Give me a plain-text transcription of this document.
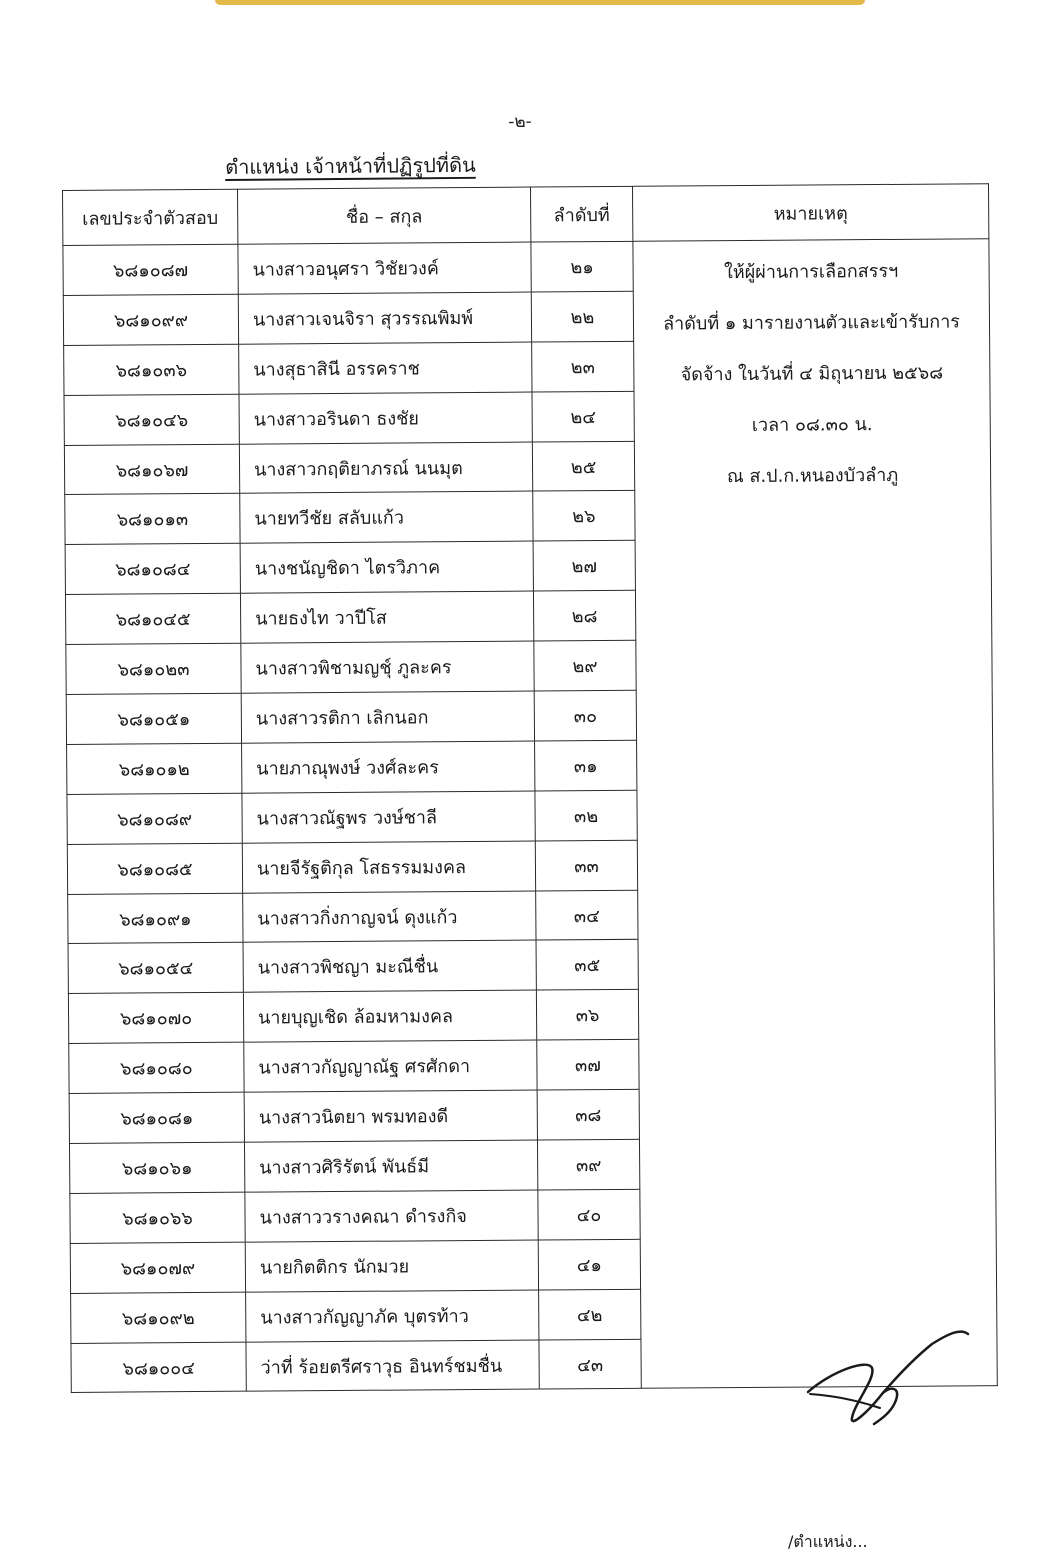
-๒-
ตำแหน่ง เจ้าหน้าที่ปฏิรูปที่ดิน
เลขประจำตัวสอบ	ชื่อ – สกุล	ลำดับที่	หมายเหตุ
๖๘๑๐๘๗	นางสาวอนุศรา วิชัยวงค์	๒๑	ให้ผู้ผ่านการเลือกสรรฯ
ลำดับที่ ๑ มารายงานตัวและเข้ารับการ
จัดจ้าง ในวันที่ ๔ มิถุนายน ๒๕๖๘
เวลา ๐๘.๓๐ น.
ณ ส.ป.ก.หนองบัวลำภู

๖๘๑๐๙๙	นางสาวเจนจิรา สุวรรณพิมพ์	๒๒	
๖๘๑๐๓๖	นางสุธาสินี อรรคราช	๒๓	
๖๘๑๐๔๖	นางสาวอรินดา ธงชัย	๒๔	
๖๘๑๐๖๗	นางสาวกฤติยาภรณ์ นนมุต	๒๕	
๖๘๑๐๑๓	นายทวีชัย สลับแก้ว	๒๖	
๖๘๑๐๘๔	นางชนัญชิดา ไตรวิภาค	๒๗	
๖๘๑๐๔๕	นายธงไท วาปีโส	๒๘	
๖๘๑๐๒๓	นางสาวพิชามญชุ์ ภูละคร	๒๙	
๖๘๑๐๕๑	นางสาวรติกา เลิกนอก	๓๐	
๖๘๑๐๑๒	นายภาณุพงษ์ วงศ์ละคร	๓๑	
๖๘๑๐๘๙	นางสาวณัฐพร วงษ์ชาลี	๓๒	
๖๘๑๐๘๕	นายจีรัฐติกุล โสธรรมมงคล	๓๓	
๖๘๑๐๙๑	นางสาวกิ่งกาญจน์ ดุงแก้ว	๓๔	
๖๘๑๐๕๔	นางสาวพิชญา มะณีชื่น	๓๕	
๖๘๑๐๗๐	นายบุญเชิด ล้อมหามงคล	๓๖	
๖๘๑๐๘๐	นางสาวกัญญาณัฐ ศรศักดา	๓๗	
๖๘๑๐๘๑	นางสาวนิตยา พรมทองดี	๓๘	
๖๘๑๐๖๑	นางสาวศิริรัตน์ พันธ์มี	๓๙	
๖๘๑๐๖๖	นางสาววรางคณา ดำรงกิจ	๔๐	
๖๘๑๐๗๙	นายกิตติกร นักมวย	๔๑	
๖๘๑๐๙๒	นางสาวกัญญาภัค บุตรท้าว	๔๒	
๖๘๑๐๐๔	ว่าที่ ร้อยตรีศราวุธ อินทร์ชมชื่น	๔๓	
/ตำแหน่ง...
